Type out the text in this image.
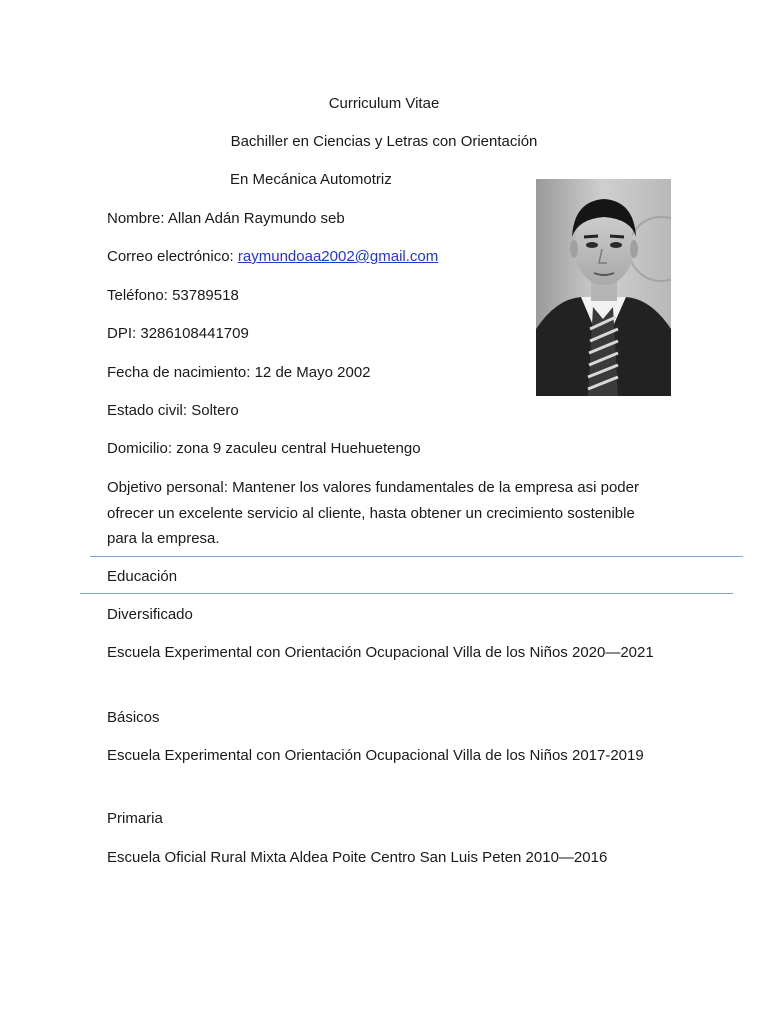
Curriculum Vitae
Bachiller en Ciencias y Letras con Orientación
En Mecánica Automotriz
Nombre: Allan Adán Raymundo seb
Correo electrónico: raymundoaa2002@gmail.com
Teléfono: 53789518
DPI: 3286108441709
Fecha de nacimiento: 12 de Mayo 2002
Estado civil: Soltero
Domicilio: zona 9 zaculeu central Huehuetengo
Objetivo personal: Mantener los valores fundamentales de la empresa asi poder ofrecer un excelente servicio al cliente, hasta obtener un crecimiento sostenible para la empresa.
Educación
Diversificado
Escuela Experimental con Orientación Ocupacional Villa de los Niños 2020—2021
Básicos
Escuela Experimental con Orientación Ocupacional Villa de los Niños 2017-2019
Primaria
Escuela Oficial Rural Mixta Aldea Poite Centro San Luis Peten 2010—2016
